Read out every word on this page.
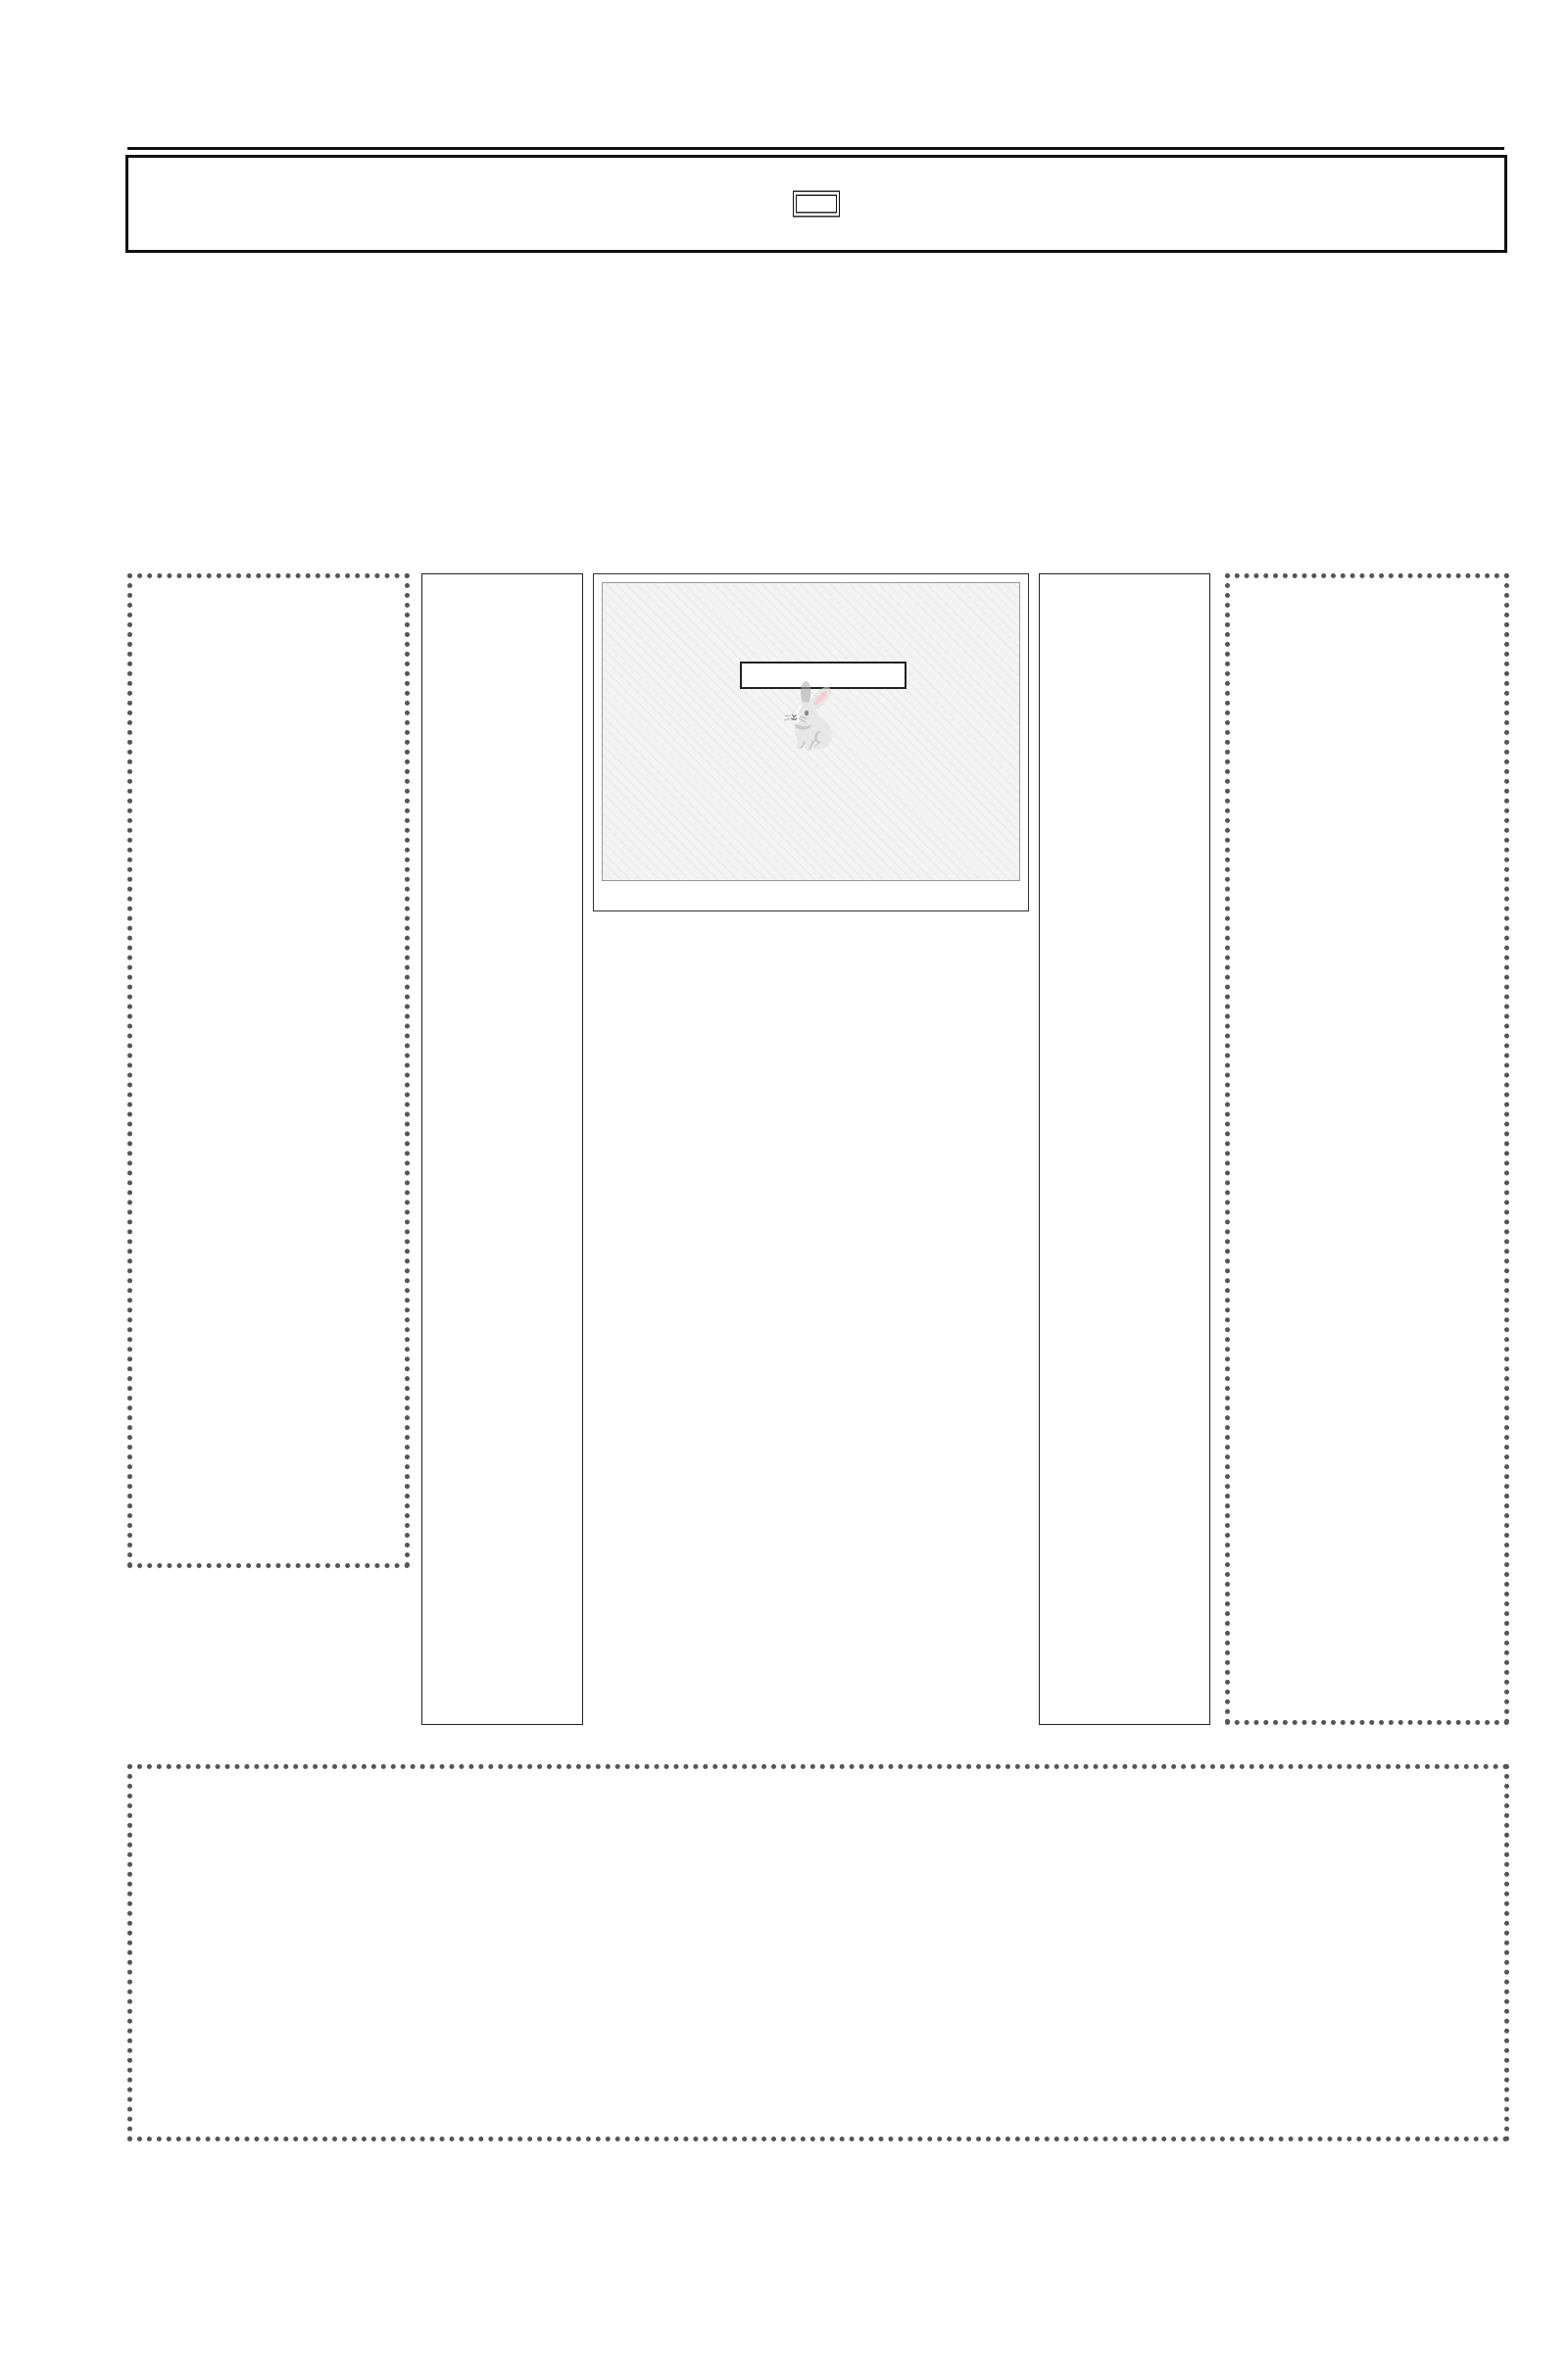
🐇
